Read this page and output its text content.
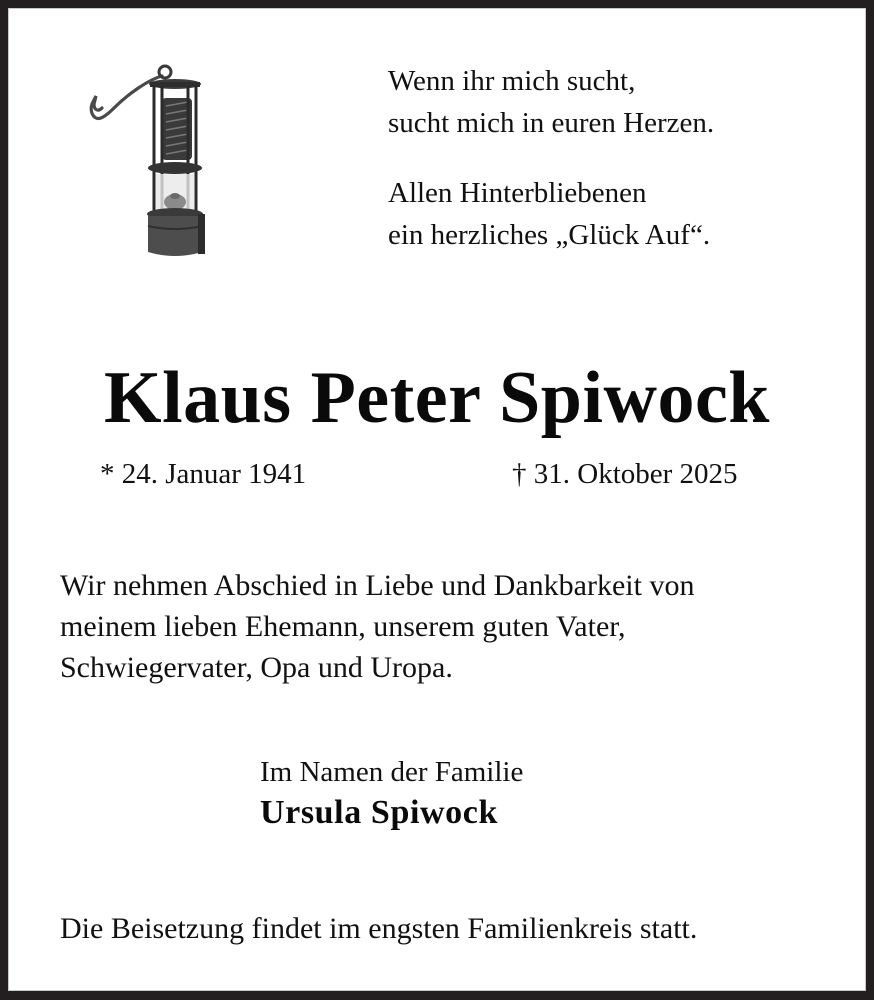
Wenn ihr mich sucht,
sucht mich in euren Herzen.
Allen Hinterbliebenen
ein herzliches „Glück Auf“.
Klaus Peter Spiwock
* 24. Januar 1941	† 31. Oktober 2025
Wir nehmen Abschied in Liebe und Dankbarkeit von
meinem lieben Ehemann, unserem guten Vater,
Schwiegervater, Opa und Uropa.
Im Namen der Familie
Ursula Spiwock
Die Beisetzung findet im engsten Familienkreis statt.
